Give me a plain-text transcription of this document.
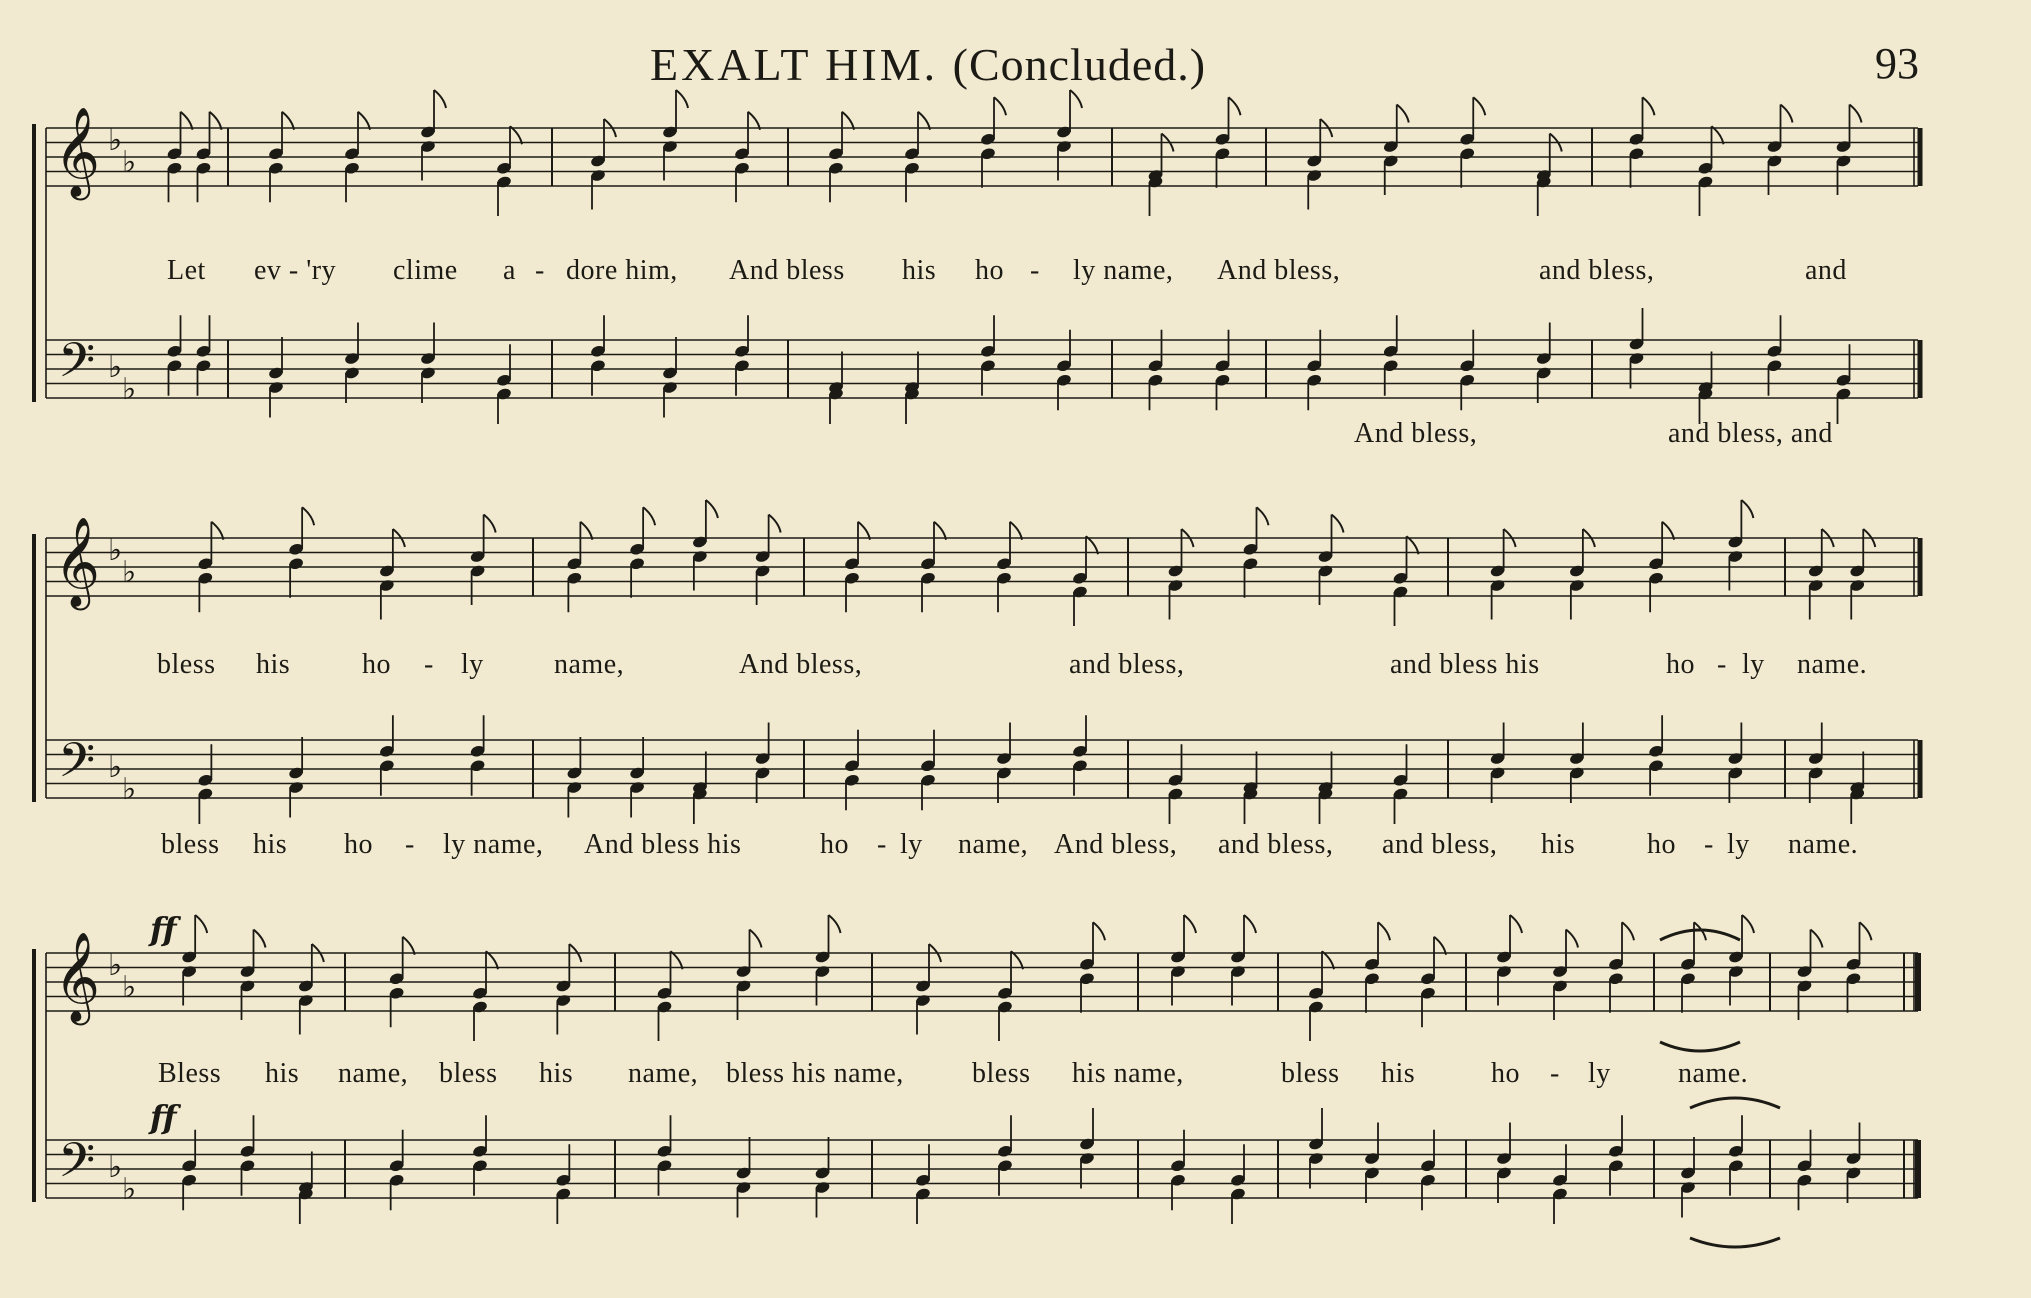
EXALT HIM. (Concluded.)	93
𝄞
𝄢
♭
♭
♭
♭
𝄞
𝄢
♭
♭
♭
♭
𝄞
𝄢
♭
♭
♭
♭
ff
ff
Let ev - 'ry clime a - dore him, And bless his ho - ly name, And bless,	and bless,	and
And bless,	and bless, and
bless his	ho - ly	name,	And bless,	and bless,	and bless his	ho - ly name.
bless his ho - ly name, And bless his	ho - ly name, And bless, and bless, and bless, his	ho - ly name.
Bless his name, bless his name, bless his name, bless his name,	bless his	ho - ly name.
